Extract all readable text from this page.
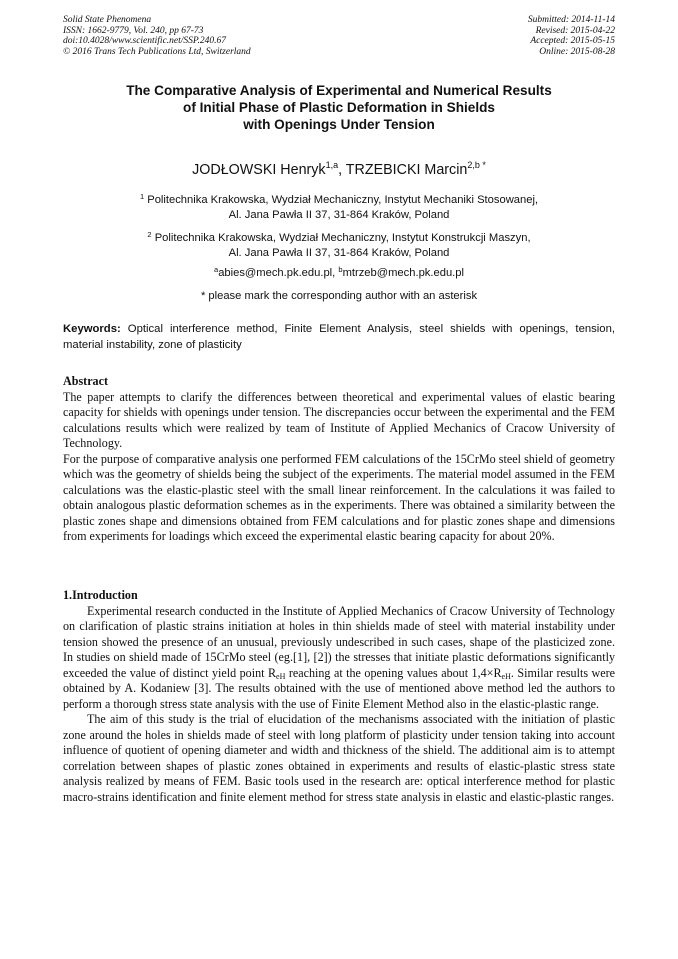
Solid State Phenomena
ISSN: 1662-9779, Vol. 240, pp 67-73
doi:10.4028/www.scientific.net/SSP.240.67
© 2016 Trans Tech Publications Ltd, Switzerland
Submitted: 2014-11-14
Revised: 2015-04-22
Accepted: 2015-05-15
Online: 2015-08-28
The Comparative Analysis of Experimental and Numerical Results
of Initial Phase of Plastic Deformation in Shields
with Openings Under Tension
JODŁOWSKI Henryk$^{1,a}$, TRZEBICKI Marcin$^{2,b *}$
$^1$ Politechnika Krakowska, Wydział Mechaniczny, Instytut Mechaniki Stosowanej,
Al. Jana Pawła II 37, 31-864 Kraków, Poland
$^2$ Politechnika Krakowska, Wydział Mechaniczny, Instytut Konstrukcji Maszyn,
Al. Jana Pawła II 37, 31-864 Kraków, Poland
$^a$abies@mech.pk.edu.pl, $^b$mtrzeb@mech.pk.edu.pl
* please mark the corresponding author with an asterisk
Keywords: Optical interference method, Finite Element Analysis, steel shields with openings, tension, material instability, zone of plasticity
Abstract

The paper attempts to clarify the differences between theoretical and experimental values of elastic bearing capacity for shields with openings under tension. The discrepancies occur between the experimental and the FEM calculations results which were realized by team of Institute of Applied Mechanics of Cracow University of Technology.

For the purpose of comparative analysis one performed FEM calculations of the 15CrMo steel shield of geometry which was the geometry of shields being the subject of the experiments. The material model assumed in the FEM calculations was the elastic-plastic steel with the small linear reinforcement. In the calculations it was failed to obtain analogous plastic deformation schemes as in the experiments. There was obtained a similarity between the plastic zones shape and dimensions obtained from FEM calculations and for plastic zones shape and dimensions from experiments for loadings which exceed the experimental elastic bearing capacity for about 20%.

1.Introduction

Experimental research conducted in the Institute of Applied Mechanics of Cracow University of Technology on clarification of plastic strains initiation at holes in thin shields made of steel with material instability under tension showed the presence of an unusual, previously undescribed in such cases, shape of the plasticized zone. In studies on shield made of 15CrMo steel (eg.[1], [2]) the stresses that initiate plastic deformations significantly exceeded the value of distinct yield point $R_{eH}$ reaching at the opening values about $1,4\times R_{eH}$. Similar results were obtained by A. Kodaniew [3]. The results obtained with the use of mentioned above method led the authors to perform a thorough stress state analysis with the use of Finite Element Method also in the elastic-plastic range.

The aim of this study is the trial of elucidation of the mechanisms associated with the initiation of plastic zone around the holes in shields made of steel with long platform of plasticity under tension taking into account influence of quotient of opening diameter and width and thickness of the shield. The additional aim is to attempt correlation between shapes of plastic zones obtained in experiments and results of elastic-plastic stress state analysis realized by means of FEM. Basic tools used in the research are: optical interference method for plastic macro-strains identification and finite element method for stress state analysis in elastic and elastic-plastic ranges.
